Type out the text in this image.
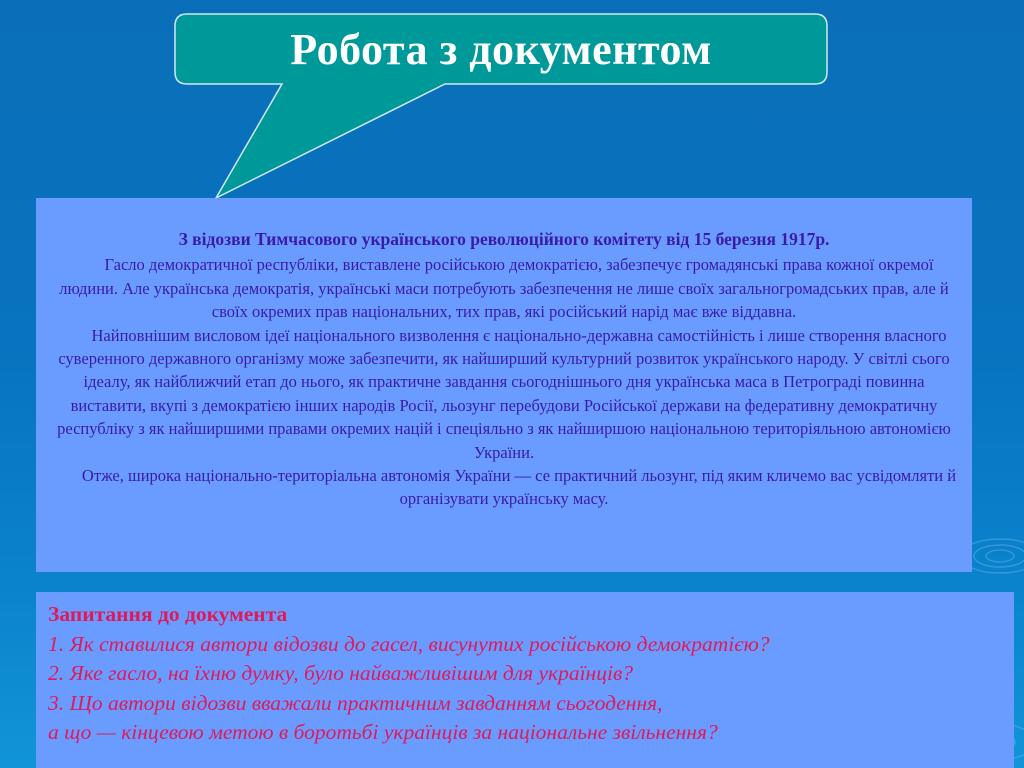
Робота з документом

З відозви Тимчасового українського революційного комітету від 15 березня 1917р.

Гасло демократичної республіки, виставлене російською демократією, забезпечує громадянські права кожної окремої людини. Але українська демократія, українські маси потребують забезпечення не лише своїх загальногромадських прав, але й своїх окремих прав національних, тих прав, які російський нарід має вже віддавна.

Найповнішим висловом ідеї національного визволення є національно-державна самостійність і лише створення власного суверенного державного організму може забезпечити, як найширший культурний розвиток українського народу. У світлі сього ідеалу, як найближчий етап до нього, як практичне завдання сьогоднішнього дня українська маса в Петрограді повинна виставити, вкупі з демократією інших народів Росії, льозунг перебудови Російської держави на федеративну демократичну республіку з як найширшими правами окремих націй і спеціяльно з як найширшою національною територіяльною автономією України.

Отже, широка національно-територіальна автономія України — се практичний льозунг, під яким кличемо вас усвідомляти й організувати українську масу.

Запитання до документа

1. Як ставилися автори відозви до гасел, висунутих російською демократією?

2. Яке гасло, на їхню думку, було найважливішим для українців?

3. Що автори відозви вважали практичним завданням сьогодення,

а що — кінцевою метою в боротьбі українців за національне звільнення?
